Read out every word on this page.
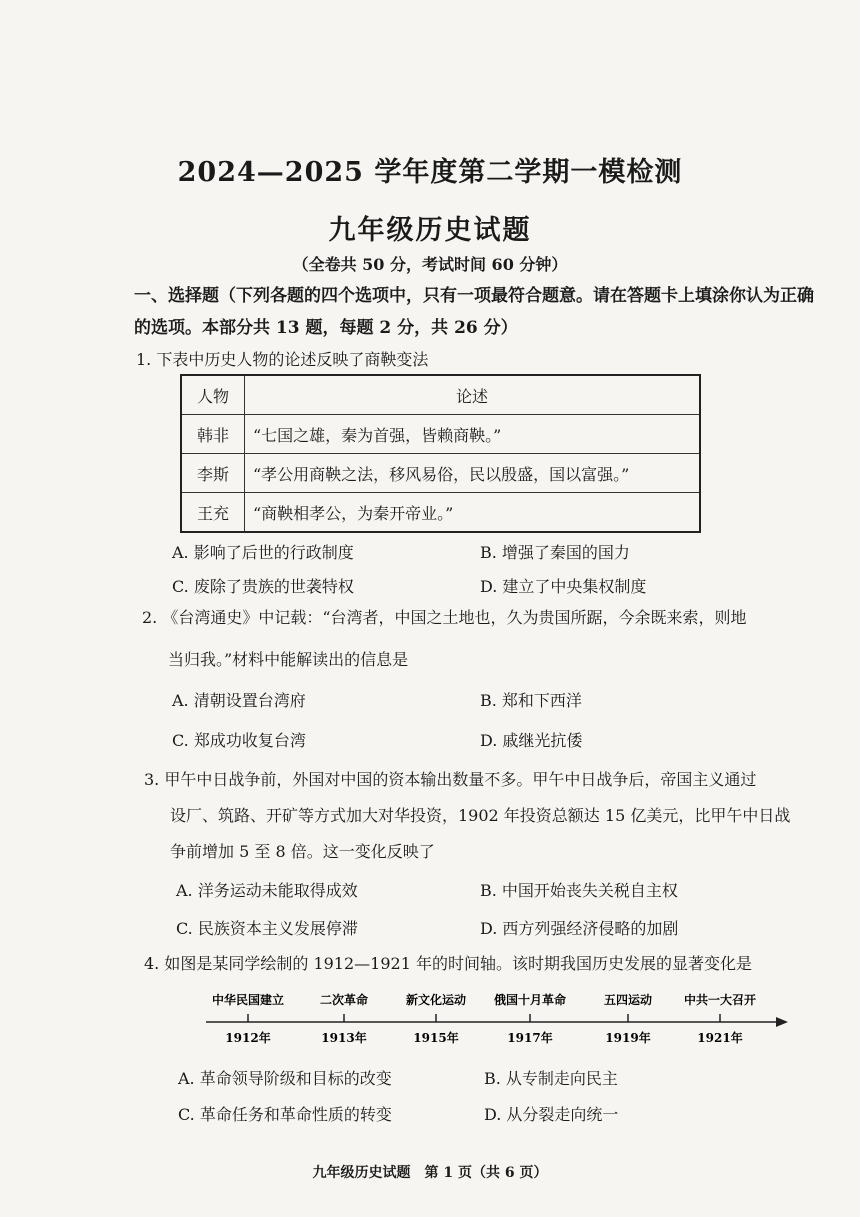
2024—2025 学年度第二学期一模检测
九年级历史试题
（全卷共 50 分，考试时间 60 分钟）
一、选择题（下列各题的四个选项中，只有一项最符合题意。请在答题卡上填涂你认为正确的选项。本部分共 13 题，每题 2 分，共 26 分）
1. 下表中历史人物的论述反映了商鞅变法
人物	论述
韩非	“七国之雄，秦为首强，皆赖商鞅。”
李斯	“孝公用商鞅之法，移风易俗，民以殷盛，国以富强。”
王充	“商鞅相孝公，为秦开帝业。”
A. 影响了后世的行政制度	B. 增强了秦国的国力
C. 废除了贵族的世袭特权	D. 建立了中央集权制度
2. 《台湾通史》中记载：“台湾者，中国之土地也，久为贵国所踞，今余既来索，则地
当归我。”材料中能解读出的信息是
A. 清朝设置台湾府	B. 郑和下西洋
C. 郑成功收复台湾	D. 戚继光抗倭
3. 甲午中日战争前，外国对中国的资本输出数量不多。甲午中日战争后，帝国主义通过
设厂、筑路、开矿等方式加大对华投资，1902 年投资总额达 15 亿美元，比甲午中日战
争前增加 5 至 8 倍。这一变化反映了
A. 洋务运动未能取得成效	B. 中国开始丧失关税自主权
C. 民族资本主义发展停滞	D. 西方列强经济侵略的加剧
4. 如图是某同学绘制的 1912—1921 年的时间轴。该时期我国历史发展的显著变化是
中华民国建立
1912年
二次革命
1913年
新文化运动
1915年
俄国十月革命
1917年
五四运动
1919年
中共一大召开
1921年
A. 革命领导阶级和目标的改变	B. 从专制走向民主
C. 革命任务和革命性质的转变	D. 从分裂走向统一
九年级历史试题　第 1 页（共 6 页）
